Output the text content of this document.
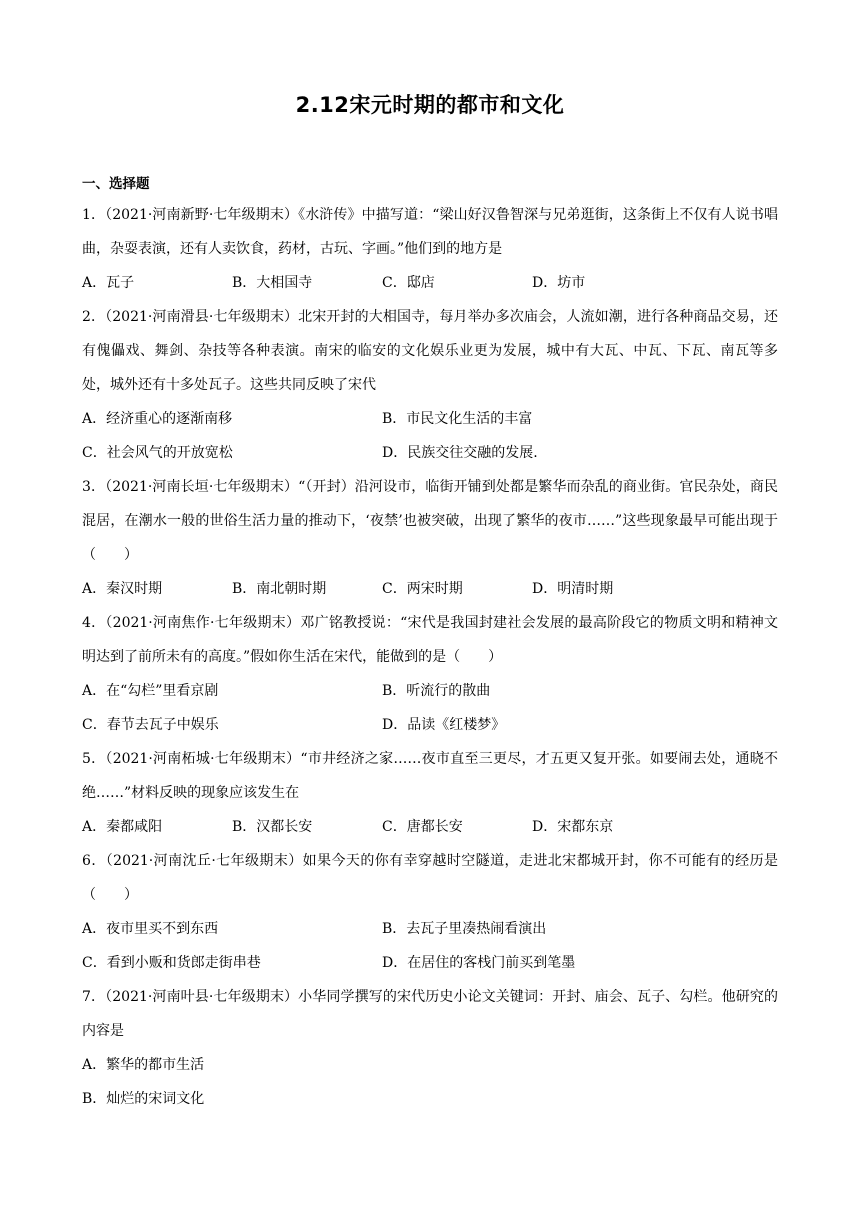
2.12宋元时期的都市和文化
一、选择题

1．（2021·河南新野·七年级期末）《水浒传》中描写道：“梁山好汉鲁智深与兄弟逛街，这条街上不仅有人说书唱曲，杂耍表演，还有人卖饮食，药材，古玩、字画。”他们到的地方是

A．瓦子	B．大相国寺	C．邸店	D．坊市

2．（2021·河南滑县·七年级期末）北宋开封的大相国寺，每月举办多次庙会，人流如潮，进行各种商品交易，还有傀儡戏、舞剑、杂技等各种表演。南宋的临安的文化娱乐业更为发展，城中有大瓦、中瓦、下瓦、南瓦等多处，城外还有十多处瓦子。这些共同反映了宋代

A．经济重心的逐渐南移	B．市民文化生活的丰富
C．社会风气的开放宽松	D．民族交往交融的发展.

3．（2021·河南长垣·七年级期末）“（开封）沿河设市，临街开铺到处都是繁华而杂乱的商业街。官民杂处，商民混居，在潮水一般的世俗生活力量的推动下，‘夜禁’也被突破，出现了繁华的夜市……”这些现象最早可能出现于（　　）

A．秦汉时期	B．南北朝时期	C．两宋时期	D．明清时期

4．（2021·河南焦作·七年级期末）邓广铭教授说：“宋代是我国封建社会发展的最高阶段它的物质文明和精神文明达到了前所未有的高度。”假如你生活在宋代，能做到的是（　　）

A．在“勾栏”里看京剧	B．听流行的散曲
C．春节去瓦子中娱乐	D．品读《红楼梦》

5．（2021·河南柘城·七年级期末）“市井经济之家……夜市直至三更尽，才五更又复开张。如要闹去处，通晓不绝……”材料反映的现象应该发生在

A．秦都咸阳	B．汉都长安	C．唐都长安	D．宋都东京

6．（2021·河南沈丘·七年级期末）如果今天的你有幸穿越时空隧道，走进北宋都城开封，你不可能有的经历是（　　）

A．夜市里买不到东西	B．去瓦子里凑热闹看演出
C．看到小贩和货郎走街串巷	D．在居住的客栈门前买到笔墨

7．（2021·河南叶县·七年级期末）小华同学撰写的宋代历史小论文关键词：开封、庙会、瓦子、勾栏。他研究的内容是

A．繁华的都市生活
B．灿烂的宋词文化
